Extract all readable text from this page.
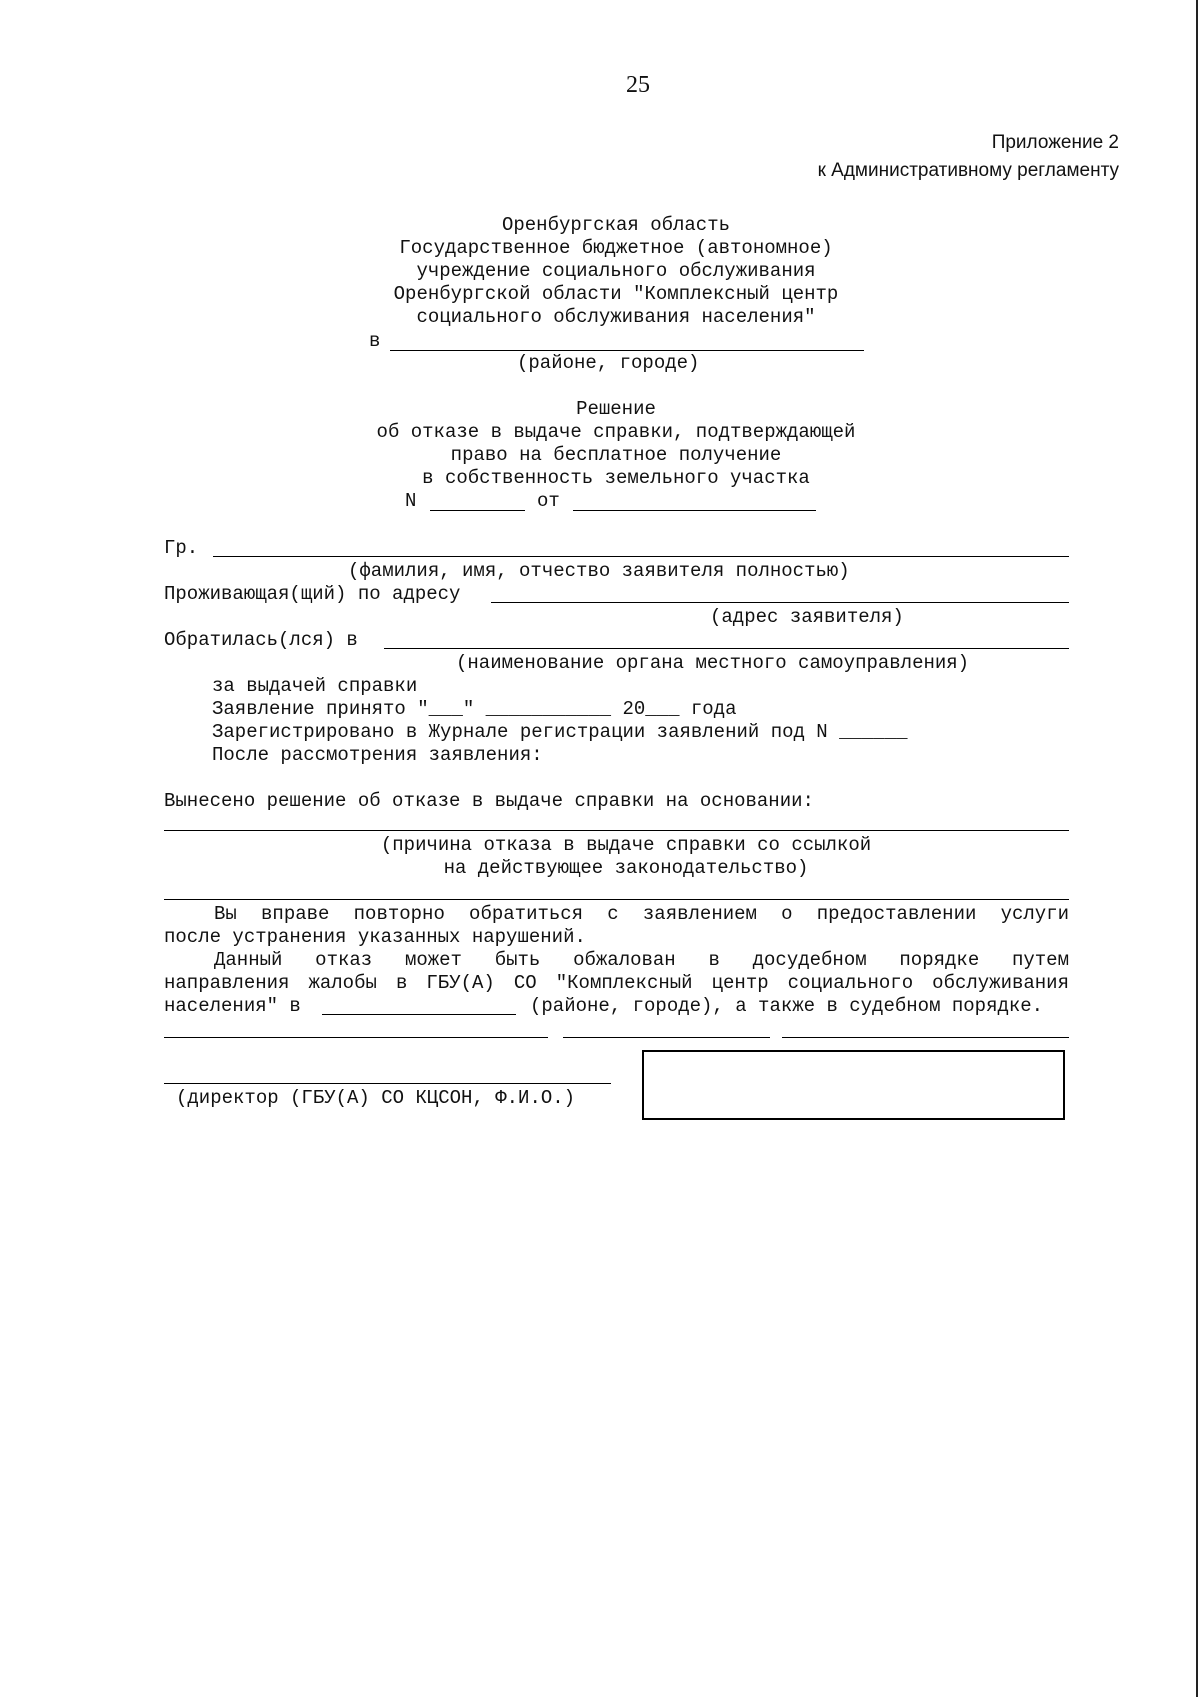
25
Приложение 2
к Административному регламенту
Оренбургская область
Государственное бюджетное (автономное)
учреждение социального обслуживания
Оренбургской области "Комплексный центр
социального обслуживания населения"
в
(районе, городе)
Решение
об отказе в выдаче справки, подтверждающей
право на бесплатное получение
в собственность земельного участка
N	от
Гр.
(фамилия, имя, отчество заявителя полностью)
Проживающая(щий) по адресу
(адрес заявителя)
Обратилась(лся) в
(наименование органа местного самоуправления)
за выдачей справки
Заявление принято "___" ___________ 20___ года
Зарегистрировано в Журнале регистрации заявлений под N ______
После рассмотрения заявления:
Вынесено решение об отказе в выдаче справки на основании:
(причина отказа в выдаче справки со ссылкой
на действующее законодательство)
Вы вправе повторно обратиться с заявлением о предоставлении услуги
после устранения указанных нарушений.
Данный отказ может быть обжалован в досудебном порядке путем
направления жалобы в ГБУ(А) СО "Комплексный центр социального обслуживания
населения" в	(районе, городе), а также в судебном порядке.
(директор (ГБУ(А) СО КЦСОН, Ф.И.О.)
